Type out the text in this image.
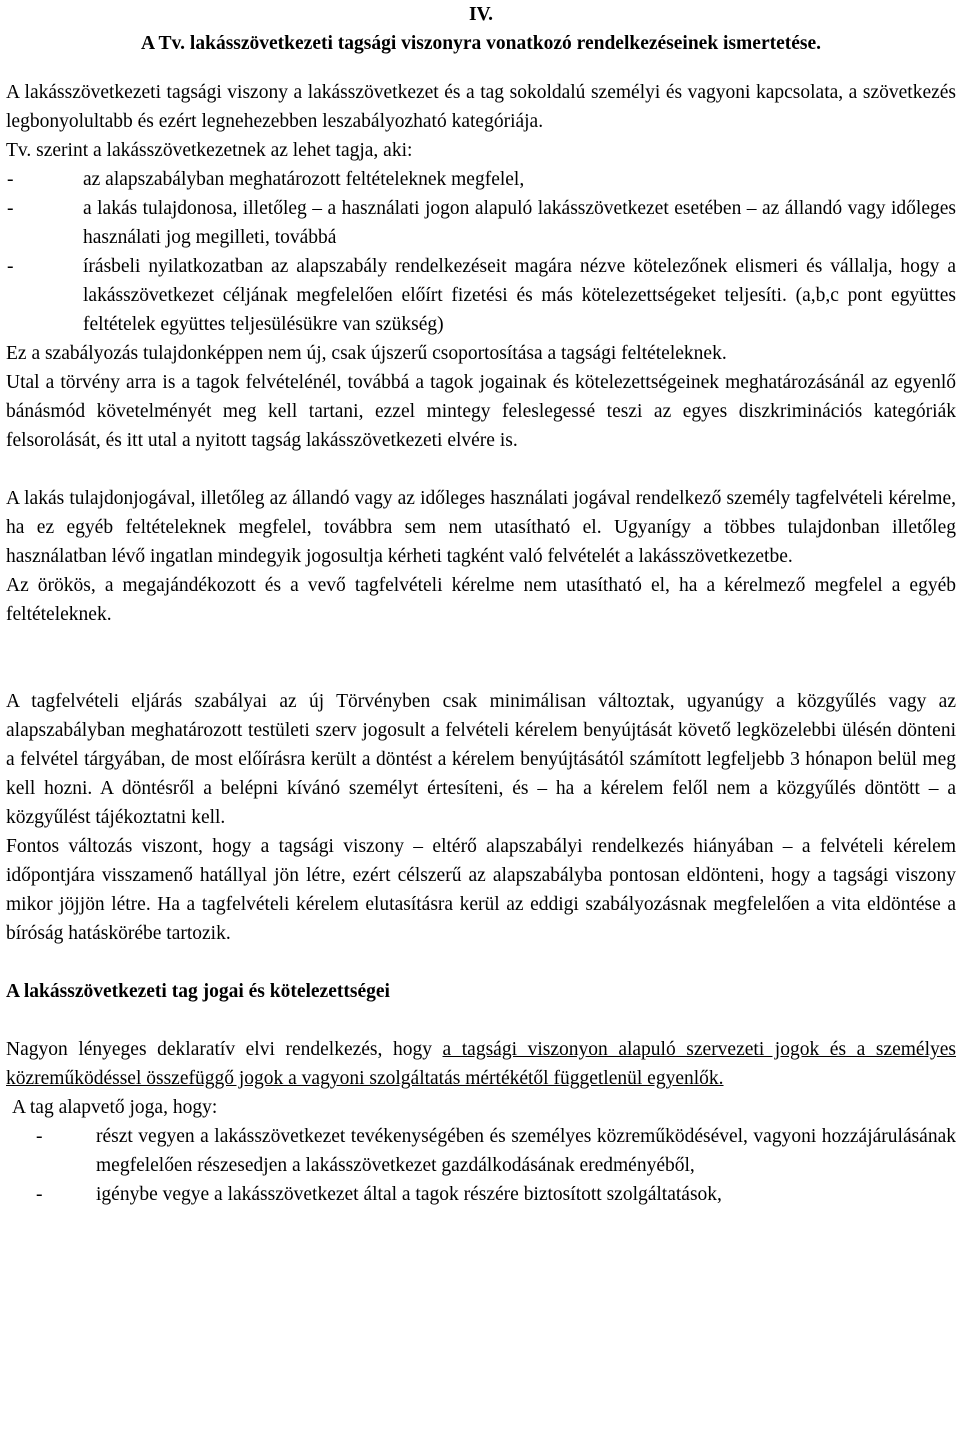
IV.
A Tv. lakásszövetkezeti tagsági viszonyra vonatkozó rendelkezéseinek ismertetése.

A lakásszövetkezeti tagsági viszony a lakásszövetkezet és a tag sokoldalú személyi és vagyoni kapcsolata, a szövetkezés legbonyolultabb és ezért legnehezebben leszabályozható kategóriája.

Tv. szerint a lakásszövetkezetnek az lehet tagja, aki:
-	az alapszabályban meghatározott feltételeknek megfelel,
-	a lakás tulajdonosa, illetőleg – a használati jogon alapuló lakásszövetkezet esetében – az állandó vagy időleges használati jog megilleti, továbbá
-	írásbeli nyilatkozatban az alapszabály rendelkezéseit magára nézve kötelezőnek elismeri és vállalja, hogy a lakásszövetkezet céljának megfelelően előírt fizetési és más kötelezettségeket teljesíti. (a,b,c pont együttes feltételek együttes teljesülésükre van szükség)

Ez a szabályozás tulajdonképpen nem új, csak újszerű csoportosítása a tagsági feltételeknek.

Utal a törvény arra is a tagok felvételénél, továbbá a tagok jogainak és kötelezettségeinek meghatározásánál az egyenlő bánásmód követelményét meg kell tartani, ezzel mintegy feleslegessé teszi az egyes diszkriminációs kategóriák felsorolását, és itt utal a nyitott tagság lakásszövetkezeti elvére is.

A lakás tulajdonjogával, illetőleg az állandó vagy az időleges használati jogával rendelkező személy tagfelvételi kérelme, ha ez egyéb feltételeknek megfelel, továbbra sem nem utasítható el. Ugyanígy a többes tulajdonban illetőleg használatban lévő ingatlan mindegyik jogosultja kérheti tagként való felvételét a lakásszövetkezetbe.

Az örökös, a megajándékozott és a vevő tagfelvételi kérelme nem utasítható el, ha a kérelmező megfelel a egyéb feltételeknek.

A tagfelvételi eljárás szabályai az új Törvényben csak minimálisan változtak, ugyanúgy a közgyűlés vagy az alapszabályban meghatározott testületi szerv jogosult a felvételi kérelem benyújtását követő legközelebbi ülésén dönteni a felvétel tárgyában, de most előírásra került a döntést a kérelem benyújtásától számított legfeljebb 3 hónapon belül meg kell hozni. A döntésről a belépni kívánó személyt értesíteni, és – ha a kérelem felől nem a közgyűlés döntött – a közgyűlést tájékoztatni kell.

Fontos változás viszont, hogy a tagsági viszony – eltérő alapszabályi rendelkezés hiányában – a felvételi kérelem időpontjára visszamenő hatállyal jön létre, ezért célszerű az alapszabályba pontosan eldönteni, hogy a tagsági viszony mikor jöjjön létre. Ha a tagfelvételi kérelem elutasításra kerül az eddigi szabályozásnak megfelelően a vita eldöntése a bíróság hatáskörébe tartozik.

A lakásszövetkezeti tag jogai és kötelezettségei

Nagyon lényeges deklaratív elvi rendelkezés, hogy a tagsági viszonyon alapuló szervezeti jogok és a személyes közreműködéssel összefüggő jogok a vagyoni szolgáltatás mértékétől függetlenül egyenlők.

A tag alapvető joga, hogy:
-	részt vegyen a lakásszövetkezet tevékenységében és személyes közreműködésével, vagyoni hozzájárulásának megfelelően részesedjen a lakásszövetkezet gazdálkodásának eredményéből,
-	igénybe vegye a lakásszövetkezet által a tagok részére biztosított szolgáltatások,
